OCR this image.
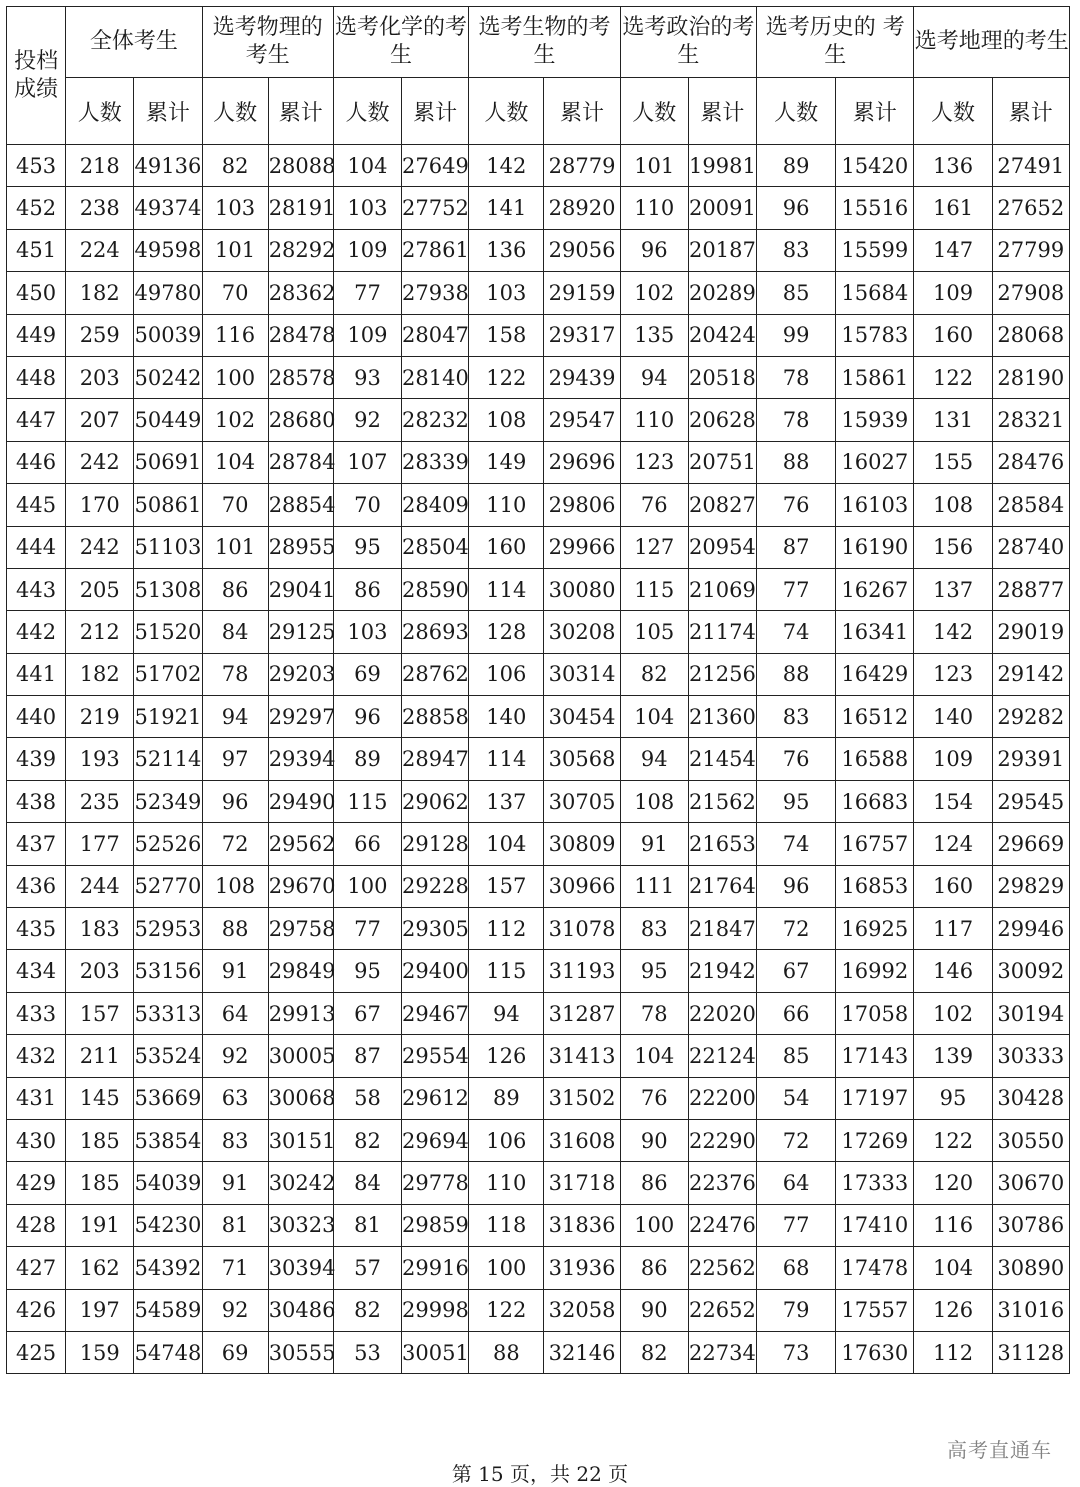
投档成绩	全体考生		选考物理的考生		选考化学的考生		选考生物的考生		选考政治的考生		选考历史的 考生		选考地理的考生	
	人数	累计	人数	累计	人数	累计	人数	累计	人数	累计	人数	累计	人数	累计
453	218	49136	82	28088	104	27649	142	28779	101	19981	89	15420	136	27491
452	238	49374	103	28191	103	27752	141	28920	110	20091	96	15516	161	27652
451	224	49598	101	28292	109	27861	136	29056	96	20187	83	15599	147	27799
450	182	49780	70	28362	77	27938	103	29159	102	20289	85	15684	109	27908
449	259	50039	116	28478	109	28047	158	29317	135	20424	99	15783	160	28068
448	203	50242	100	28578	93	28140	122	29439	94	20518	78	15861	122	28190
447	207	50449	102	28680	92	28232	108	29547	110	20628	78	15939	131	28321
446	242	50691	104	28784	107	28339	149	29696	123	20751	88	16027	155	28476
445	170	50861	70	28854	70	28409	110	29806	76	20827	76	16103	108	28584
444	242	51103	101	28955	95	28504	160	29966	127	20954	87	16190	156	28740
443	205	51308	86	29041	86	28590	114	30080	115	21069	77	16267	137	28877
442	212	51520	84	29125	103	28693	128	30208	105	21174	74	16341	142	29019
441	182	51702	78	29203	69	28762	106	30314	82	21256	88	16429	123	29142
440	219	51921	94	29297	96	28858	140	30454	104	21360	83	16512	140	29282
439	193	52114	97	29394	89	28947	114	30568	94	21454	76	16588	109	29391
438	235	52349	96	29490	115	29062	137	30705	108	21562	95	16683	154	29545
437	177	52526	72	29562	66	29128	104	30809	91	21653	74	16757	124	29669
436	244	52770	108	29670	100	29228	157	30966	111	21764	96	16853	160	29829
435	183	52953	88	29758	77	29305	112	31078	83	21847	72	16925	117	29946
434	203	53156	91	29849	95	29400	115	31193	95	21942	67	16992	146	30092
433	157	53313	64	29913	67	29467	94	31287	78	22020	66	17058	102	30194
432	211	53524	92	30005	87	29554	126	31413	104	22124	85	17143	139	30333
431	145	53669	63	30068	58	29612	89	31502	76	22200	54	17197	95	30428
430	185	53854	83	30151	82	29694	106	31608	90	22290	72	17269	122	30550
429	185	54039	91	30242	84	29778	110	31718	86	22376	64	17333	120	30670
428	191	54230	81	30323	81	29859	118	31836	100	22476	77	17410	116	30786
427	162	54392	71	30394	57	29916	100	31936	86	22562	68	17478	104	30890
426	197	54589	92	30486	82	29998	122	32058	90	22652	79	17557	126	31016
425	159	54748	69	30555	53	30051	88	32146	82	22734	73	17630	112	31128
高考直通车
第 15 页，共 22 页
